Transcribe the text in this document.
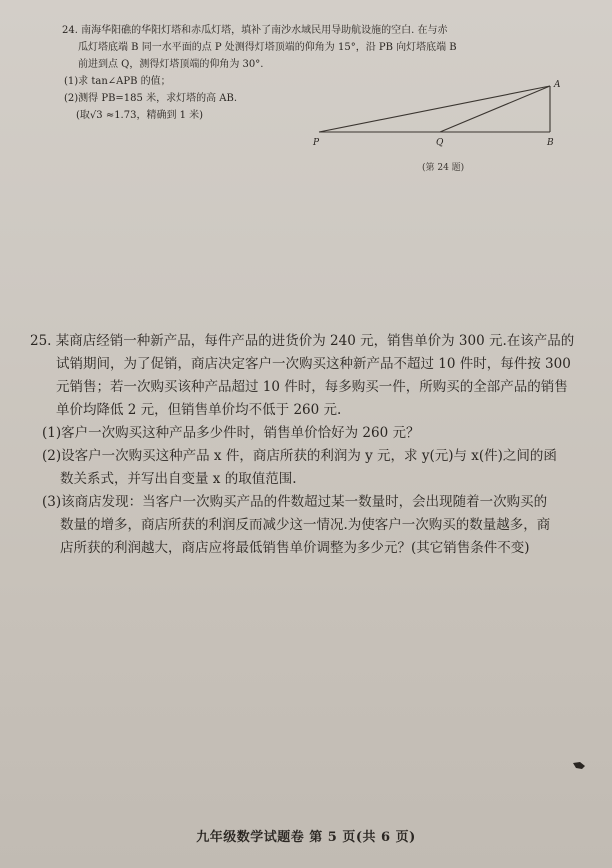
24. 南海华阳礁的华阳灯塔和赤瓜灯塔，填补了南沙水域民用导助航设施的空白. 在与赤
瓜灯塔底端 B 同一水平面的点 P 处测得灯塔顶端的仰角为 15°，沿 PB 向灯塔底端 B
前进到点 Q，测得灯塔顶端的仰角为 30°.
(1)求 tan∠APB 的值；
(2)测得 PB=185 米，求灯塔的高 AB.
(取√3 ≈1.73，精确到 1 米)
A
P	Q	B
(第 24 题)
25. 某商店经销一种新产品，每件产品的进货价为 240 元，销售单价为 300 元.在该产品的
试销期间，为了促销，商店决定客户一次购买这种新产品不超过 10 件时，每件按 300
元销售；若一次购买该种产品超过 10 件时，每多购买一件，所购买的全部产品的销售
单价均降低 2 元，但销售单价均不低于 260 元.
(1)客户一次购买这种产品多少件时，销售单价恰好为 260 元？
(2)设客户一次购买这种产品 x 件，商店所获的利润为 y 元，求 y(元)与 x(件)之间的函
数关系式，并写出自变量 x 的取值范围.
(3)该商店发现：当客户一次购买产品的件数超过某一数量时，会出现随着一次购买的
数量的增多，商店所获的利润反而减少这一情况.为使客户一次购买的数量越多，商
店所获的利润越大，商店应将最低销售单价调整为多少元？(其它销售条件不变)
九年级数学试题卷 第 5 页(共 6 页)
